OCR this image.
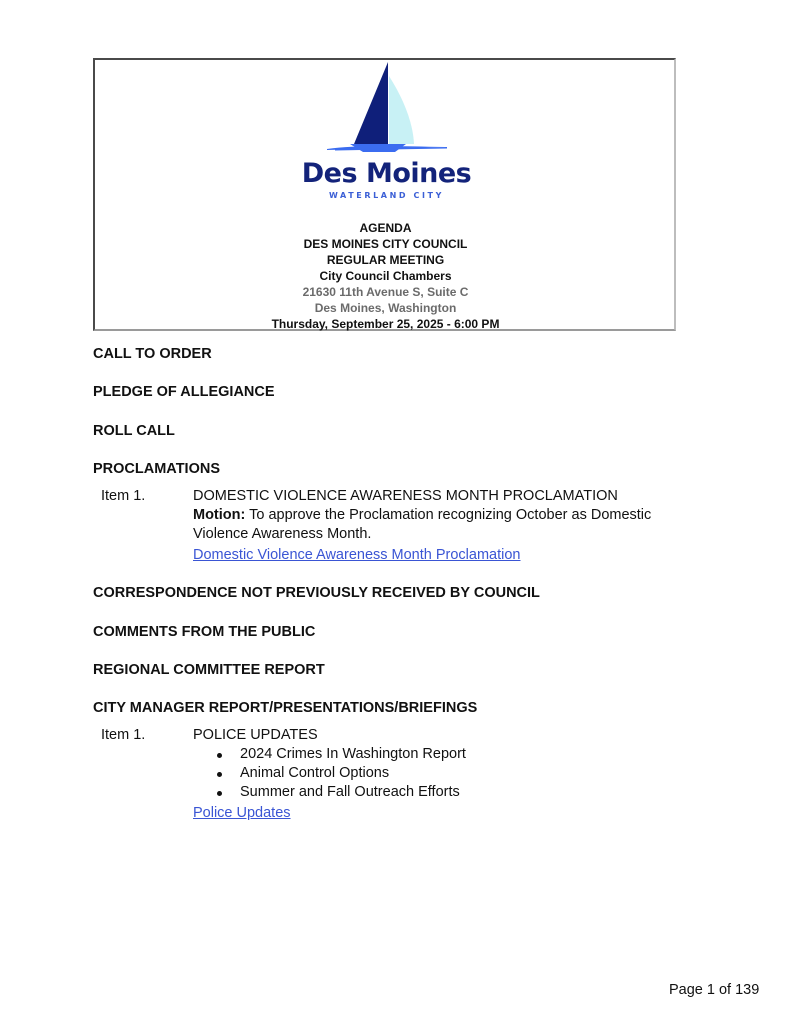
Des Moines
WATERLAND CITY
AGENDA
DES MOINES CITY COUNCIL
REGULAR MEETING
City Council Chambers
21630 11th Avenue S, Suite C
Des Moines, Washington
Thursday, September 25, 2025 - 6:00 PM
CALL TO ORDER
PLEDGE OF ALLEGIANCE
ROLL CALL
PROCLAMATIONS
Item 1.	DOMESTIC VIOLENCE AWARENESS MONTH PROCLAMATION
Motion: To approve the Proclamation recognizing October as Domestic
Violence Awareness Month.
Domestic Violence Awareness Month Proclamation
CORRESPONDENCE NOT PREVIOUSLY RECEIVED BY COUNCIL
COMMENTS FROM THE PUBLIC
REGIONAL COMMITTEE REPORT
CITY MANAGER REPORT/PRESENTATIONS/BRIEFINGS
Item 1.	POLICE UPDATES
2024 Crimes In Washington Report
Animal Control Options
Summer and Fall Outreach Efforts
Police Updates
Page 1 of 139
